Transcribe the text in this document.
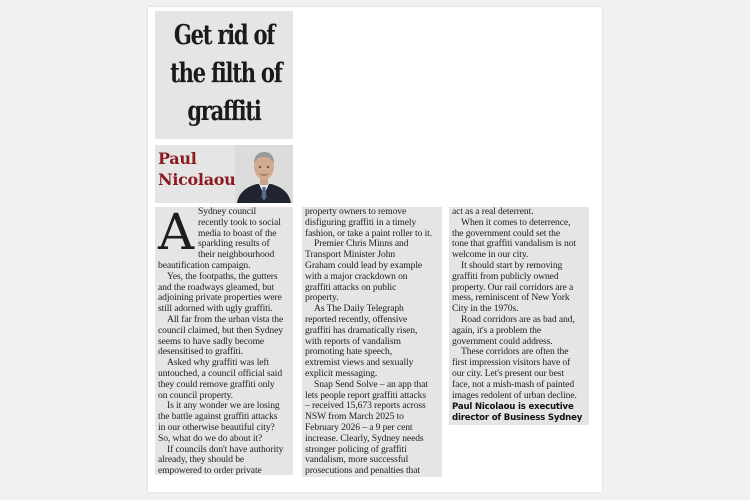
Get rid of
the filth of
graffiti
Paul
Nicolaou

A Sydney council
recently took to social
media to boast of the
sparkling results of
their neighbourhood
beautification campaign.

Yes, the footpaths, the gutters
and the roadways gleamed, but
adjoining private properties were
still adorned with ugly graffiti.

All far from the urban vista the
council claimed, but then Sydney
seems to have sadly become
desensitised to graffiti.

Asked why graffiti was left
untouched, a council official said
they could remove graffiti only
on council property.

Is it any wonder we are losing
the battle against graffiti attacks
in our otherwise beautiful city?
So, what do we do about it?

If councils don't have authority
already, they should be
empowered to order private

property owners to remove
disfiguring graffiti in a timely
fashion, or take a paint roller to it.

Premier Chris Minns and
Transport Minister John
Graham could lead by example
with a major crackdown on
graffiti attacks on public
property.

As The Daily Telegraph
reported recently, offensive
graffiti has dramatically risen,
with reports of vandalism
promoting hate speech,
extremist views and sexually
explicit messaging.

Snap Send Solve – an app that
lets people report graffiti attacks
– received 15,673 reports across
NSW from March 2025 to
February 2026 – a 9 per cent
increase. Clearly, Sydney needs
stronger policing of graffiti
vandalism, more successful
prosecutions and penalties that

act as a real deterrent.

When it comes to deterrence,
the government could set the
tone that graffiti vandalism is not
welcome in our city.

It should start by removing
graffiti from publicly owned
property. Our rail corridors are a
mess, reminiscent of New York
City in the 1970s.

Road corridors are as bad and,
again, it's a problem the
government could address.

These corridors are often the
first impression visitors have of
our city. Let's present our best
face, not a mish-mash of painted
images redolent of urban decline.

Paul Nicolaou is executive
director of Business Sydney
